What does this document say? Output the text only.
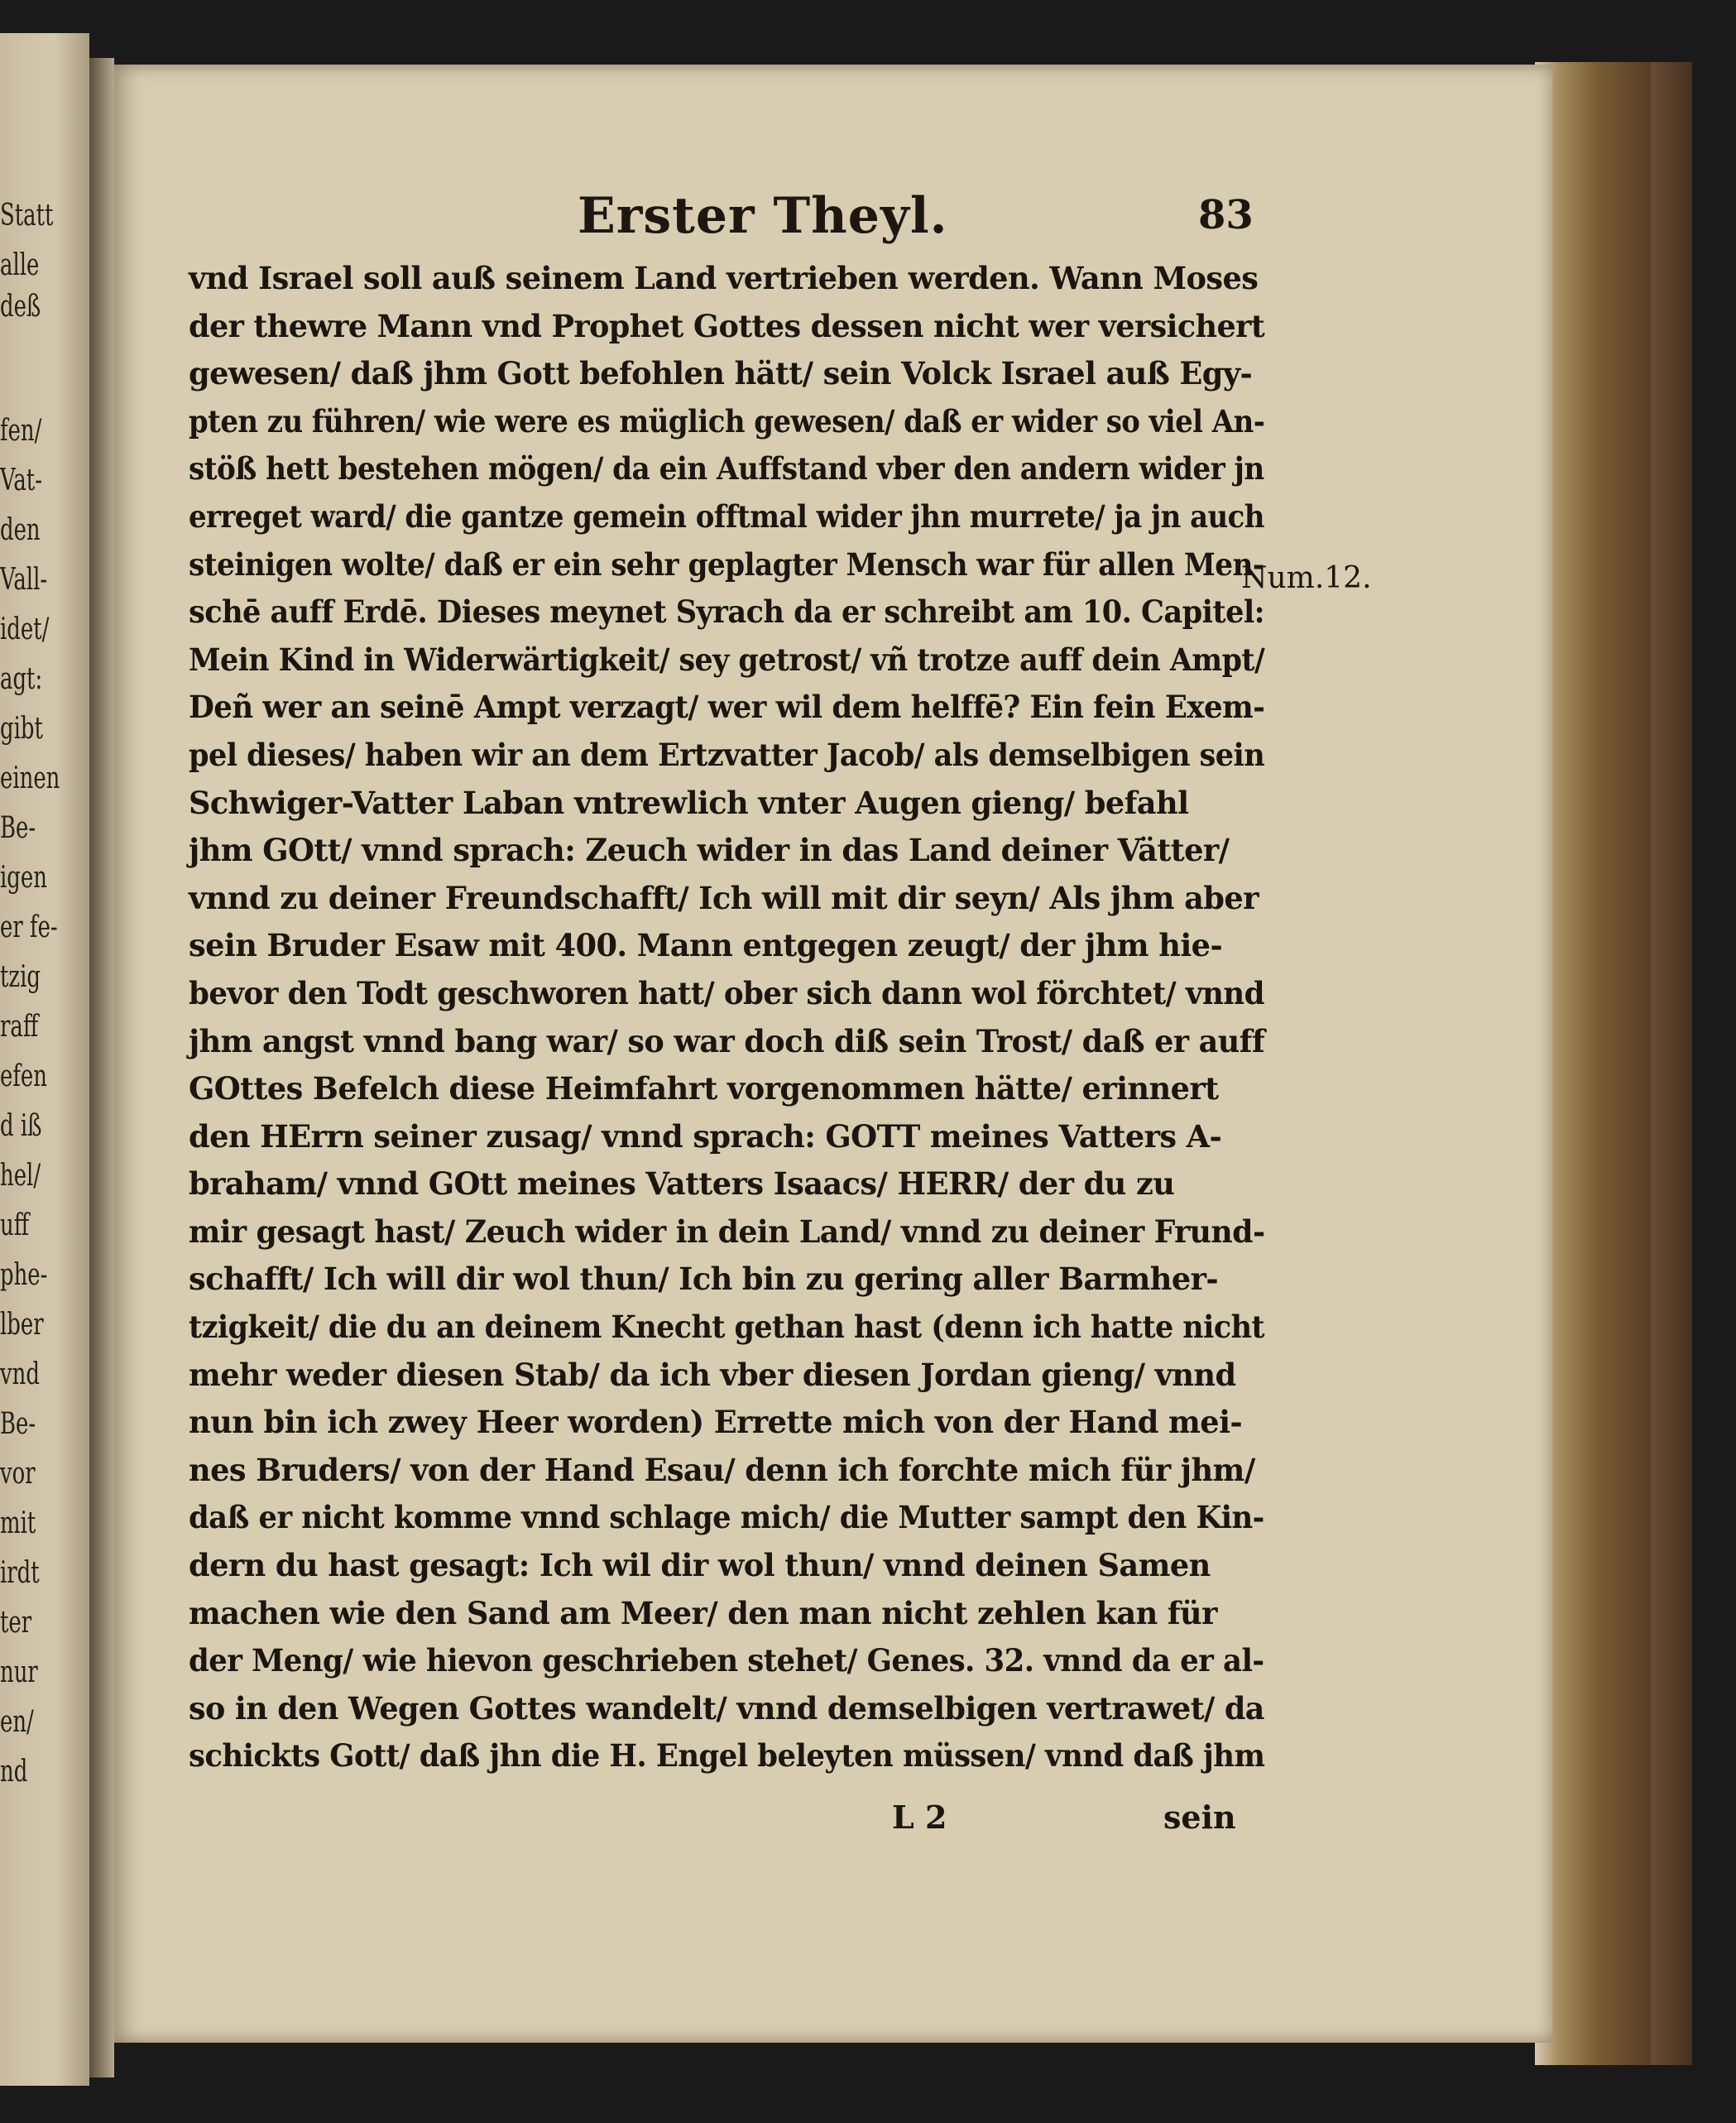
Statt
alle
deß
fen/
Vat-
den
Vall-
idet/
agt:
gibt
einen
Be-
igen
er fe-
tzig
raff
efen
d iß
hel/
uff
phe-
lber
vnd
Be-
vor
mit
irdt
ter
nur
en/
nd
Erster Theyl.	83
vnd Israel soll auß seinem Land vertrieben werden. Wann Moses
der thewre Mann vnd Prophet Gottes dessen nicht wer versichert
gewesen/ daß jhm Gott befohlen hätt/ sein Volck Israel auß Egy-
pten zu führen/ wie were es müglich gewesen/ daß er wider so viel An-
stöß hett bestehen mögen/ da ein Auffstand vber den andern wider jn
erreget ward/ die gantze gemein offtmal wider jhn murrete/ ja jn auch
steinigen wolte/ daß er ein sehr geplagter Mensch war für allen Men-
schē auff Erdē. Dieses meynet Syrach da er schreibt am 10. Capitel:
Mein Kind in Widerwärtigkeit/ sey getrost/ vñ trotze auff dein Ampt/
Deñ wer an seinē Ampt verzagt/ wer wil dem helffē? Ein fein Exem-
pel dieses/ haben wir an dem Ertzvatter Jacob/ als demselbigen sein
Schwiger-Vatter Laban vntrewlich vnter Augen gieng/ befahl
jhm GOtt/ vnnd sprach: Zeuch wider in das Land deiner Vätter/
vnnd zu deiner Freundschafft/ Ich will mit dir seyn/ Als jhm aber
sein Bruder Esaw mit 400. Mann entgegen zeugt/ der jhm hie-
bevor den Todt geschworen hatt/ ober sich dann wol förchtet/ vnnd
jhm angst vnnd bang war/ so war doch diß sein Trost/ daß er auff
GOttes Befelch diese Heimfahrt vorgenommen hätte/ erinnert
den HErrn seiner zusag/ vnnd sprach: GOTT meines Vatters A-
braham/ vnnd GOtt meines Vatters Isaacs/ HERR/ der du zu
mir gesagt hast/ Zeuch wider in dein Land/ vnnd zu deiner Frund-
schafft/ Ich will dir wol thun/ Ich bin zu gering aller Barmher-
tzigkeit/ die du an deinem Knecht gethan hast (denn ich hatte nicht
mehr weder diesen Stab/ da ich vber diesen Jordan gieng/ vnnd
nun bin ich zwey Heer worden) Errette mich von der Hand mei-
nes Bruders/ von der Hand Esau/ denn ich forchte mich für jhm/
daß er nicht komme vnnd schlage mich/ die Mutter sampt den Kin-
dern du hast gesagt: Ich wil dir wol thun/ vnnd deinen Samen
machen wie den Sand am Meer/ den man nicht zehlen kan für
der Meng/ wie hievon geschrieben stehet/ Genes. 32. vnnd da er al-
so in den Wegen Gottes wandelt/ vnnd demselbigen vertrawet/ da
schickts Gott/ daß jhn die H. Engel beleyten müssen/ vnnd daß jhm
Num.12.
L 2	sein
